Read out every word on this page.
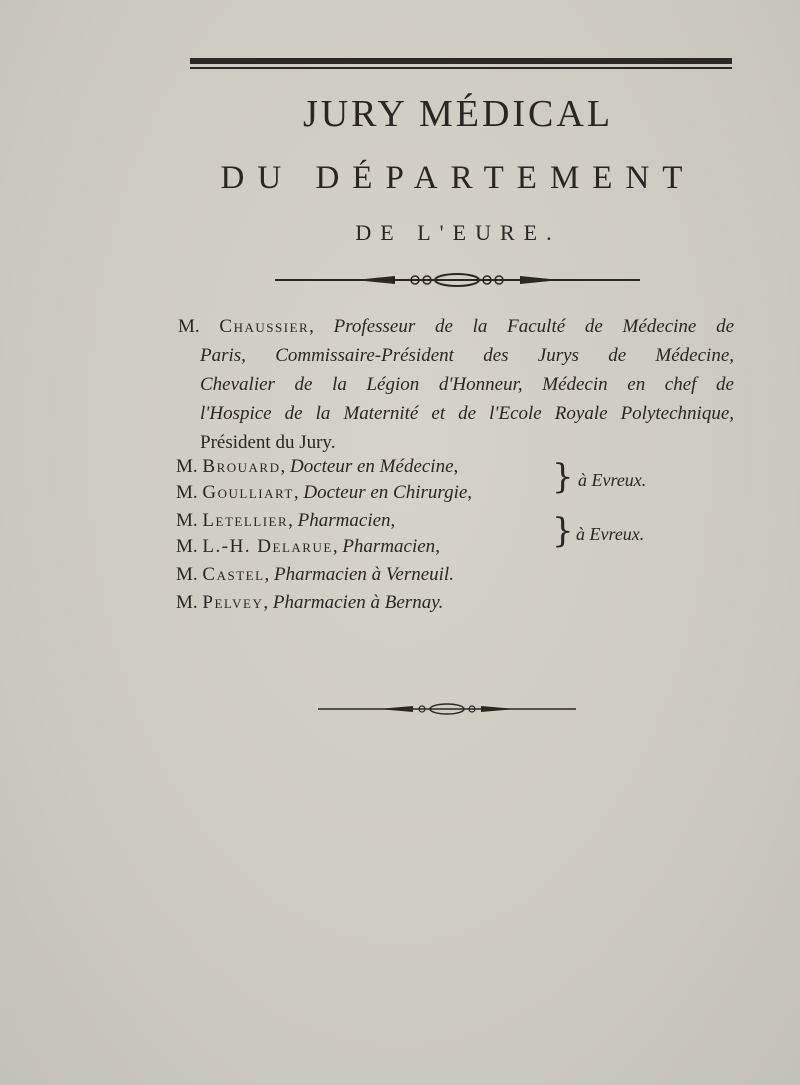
JURY MÉDICAL
DU DÉPARTEMENT
DE L'EURE.

M. Chaussier, Professeur de la Faculté de Médecine de

Paris, Commissaire-Président des Jurys de Médecine,

Chevalier de la Légion d'Honneur, Médecin en chef de

l'Hospice de la Maternité et de l'Ecole Royale Polytechnique,

Président du Jury.

M. Brouard, Docteur en Médecine,
M. Goulliart, Docteur en Chirurgie, } à Evreux.
M. Letellier, Pharmacien,
M. L.-H. Delarue, Pharmacien,	} à Evreux.
M. Castel, Pharmacien à Verneuil.
M. Pelvey, Pharmacien à Bernay.
